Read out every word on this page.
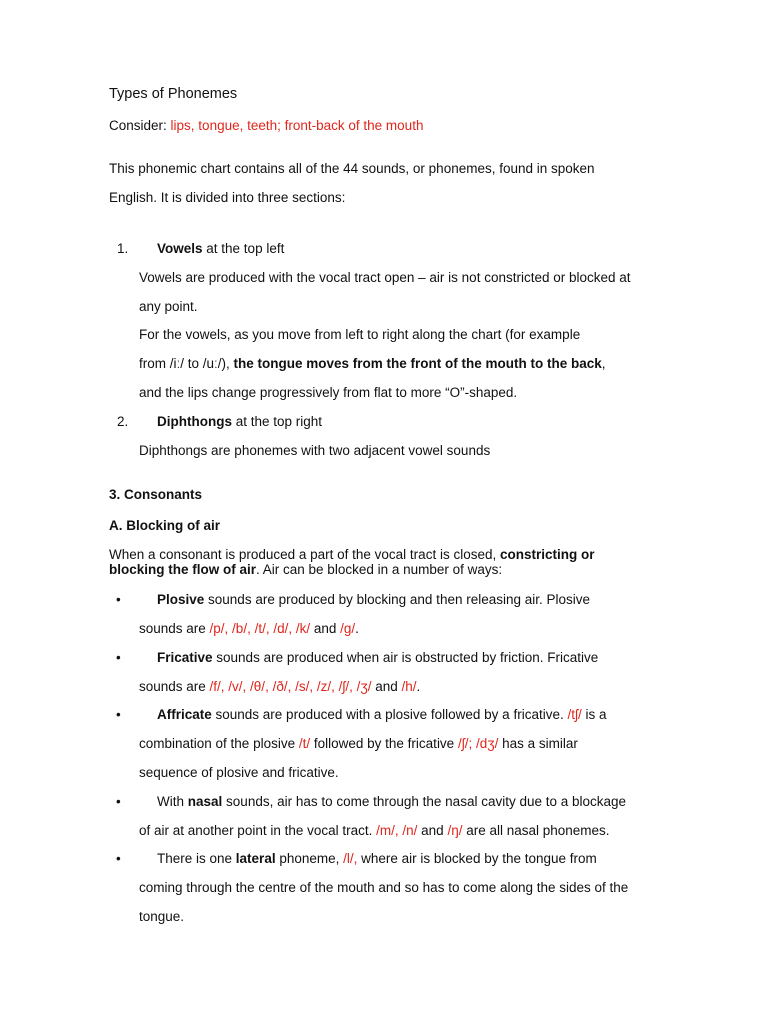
Types of Phonemes
Consider: lips, tongue, teeth; front-back of the mouth
This phonemic chart contains all of the 44 sounds, or phonemes, found in spoken
English. It is divided into three sections:
1. Vowels at the top left
Vowels are produced with the vocal tract open – air is not constricted or blocked at
any point.
For the vowels, as you move from left to right along the chart (for example
from /iː/ to /uː/), the tongue moves from the front of the mouth to the back,
and the lips change progressively from flat to more “O”-shaped.
2. Diphthongs at the top right
Diphthongs are phonemes with two adjacent vowel sounds
3. Consonants
A. Blocking of air
When a consonant is produced a part of the vocal tract is closed, constricting or
blocking the flow of air. Air can be blocked in a number of ways:
•	Plosive sounds are produced by blocking and then releasing air. Plosive
sounds are /p/, /b/, /t/, /d/, /k/ and /g/.
•	Fricative sounds are produced when air is obstructed by friction. Fricative
sounds are /f/, /v/, /θ/, /ð/, /s/, /z/, /ʃ/, /ʒ/ and /h/.
•	Affricate sounds are produced with a plosive followed by a fricative. /tʃ/ is a
combination of the plosive /t/ followed by the fricative /ʃ/; /dʒ/ has a similar
sequence of plosive and fricative.
•	With nasal sounds, air has to come through the nasal cavity due to a blockage
of air at another point in the vocal tract. /m/, /n/ and /ŋ/ are all nasal phonemes.
•	There is one lateral phoneme, /l/, where air is blocked by the tongue from
coming through the centre of the mouth and so has to come along the sides of the
tongue.
